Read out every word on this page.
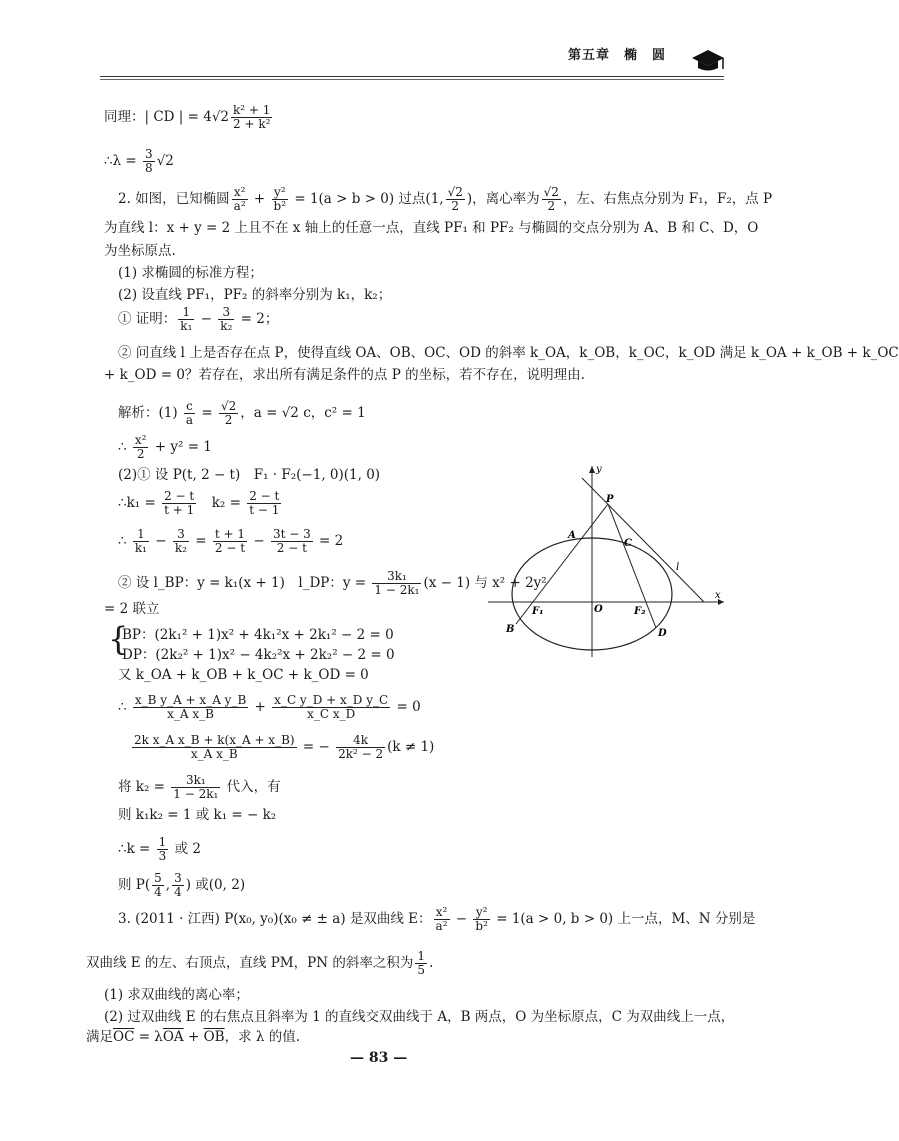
第五章　椭　圆
同理：| CD | = $4√2 \frac{\text{k² + 1}}{\text{2 + k²}}$
∴λ = $\frac{3}{8} √2$
2. 如图，已知椭圆 $\frac{\text{x²}}{\text{a²}} + \frac{\text{y²}}{\text{b²}} = 1(a > b > 0)$ 过点(1, $\frac{√2}{2}$ )，离心率为 $\frac{√2}{2}$ ，左、右焦点分别为 F₁，F₂，点 P
为直线 l：x + y = 2 上且不在 x 轴上的任意一点，直线 PF₁ 和 PF₂ 与椭圆的交点分别为 A、B 和 C、D，O
为坐标原点.
(1) 求椭圆的标准方程；
(2) 设直线 PF₁，PF₂ 的斜率分别为 k₁，k₂；
① 证明： $\frac{1}{\text{k₁}} - \frac{3}{\text{k₂}} = 2$；
② 问直线 l 上是否存在点 P，使得直线 OA、OB、OC、OD 的斜率 k_OA，k_OB，k_OC，k_OD 满足 k_OA + k_OB + k_OC
+ k_OD = 0？若存在，求出所有满足条件的点 P 的坐标，若不存在，说明理由.
解析：$(1) \frac{c}{a} = \frac{√2}{2}$ ，a = √2 c，c² = 1
∴ $\frac{\text{x²}}{2} + y^2 = 1$
(2)① 设 P(t, 2 − t)　F₁ · F₂(−1, 0)(1, 0)
∴k₁ = $\frac{2 - t}{t + 1}$ 　$k_2 = \frac{2 - t}{t - 1}$
∴ $\frac{1}{\text{k₁}} - \frac{3}{\text{k₂}} = \frac{t + 1}{2 - t} - \frac{3t - 3}{2 - t} = 2$
② 设 l_BP：y = k₁(x + 1)　l_DP：$y = \frac{\text{3k₁}}{\text{1 − 2k₁}} (x - 1)$ 与 x² + 2y²
= 2 联立
{
BP：(2k₁² + 1)x² + 4k₁²x + 2k₁² − 2 = 0
DP：(2k₂² + 1)x² − 4k₂²x + 2k₂² − 2 = 0
又 k_OA + k_OB + k_OC + k_OD = 0
∴ $\frac{\text{x\_B y\_A + x\_A y\_B}}{\text{x\_A x\_B}} + \frac{\text{x\_C y\_D + x\_D y\_C}}{\text{x\_C x\_D}} = 0$
$\frac{\text{2k x\_A x\_B + k(x\_A + x\_B)}}{\text{x\_A x\_B}}$ = − $\frac{4k}{\text{2k² − 2}} (k \ne 1)$
将 $k_2 = \frac{\text{3k₁}}{\text{1 − 2k₁}}$ 代入，有
则 k₁k₂ = 1 或 k₁ = − k₂
∴k = $\frac{1}{3}$ 或 2
则 $P( \frac{5}{4}$ , $\frac{3}{4}$ ) 或(0, 2)
3. (2011 · 江西) P(x₀, y₀)(x₀ ≠ ± a) 是双曲线 E： $\frac{\text{x²}}{\text{a²}} - \frac{\text{y²}}{\text{b²}} = 1(a > 0$, b > 0) 上一点，M、N 分别是
双曲线 E 的左、右顶点，直线 PM，PN 的斜率之积为 $\frac{1}{5}$ .
(1) 求双曲线的离心率；
(2) 过双曲线 E 的右焦点且斜率为 1 的直线交双曲线于 A，B 两点，O 为坐标原点，C 为双曲线上一点，
满足$\overline{OC} = \lambda\overline{OA} + \overline{OB}$，求 λ 的值.
— 83 —
y
x
P
A
C
l
F₁	O	F₂
B	D
